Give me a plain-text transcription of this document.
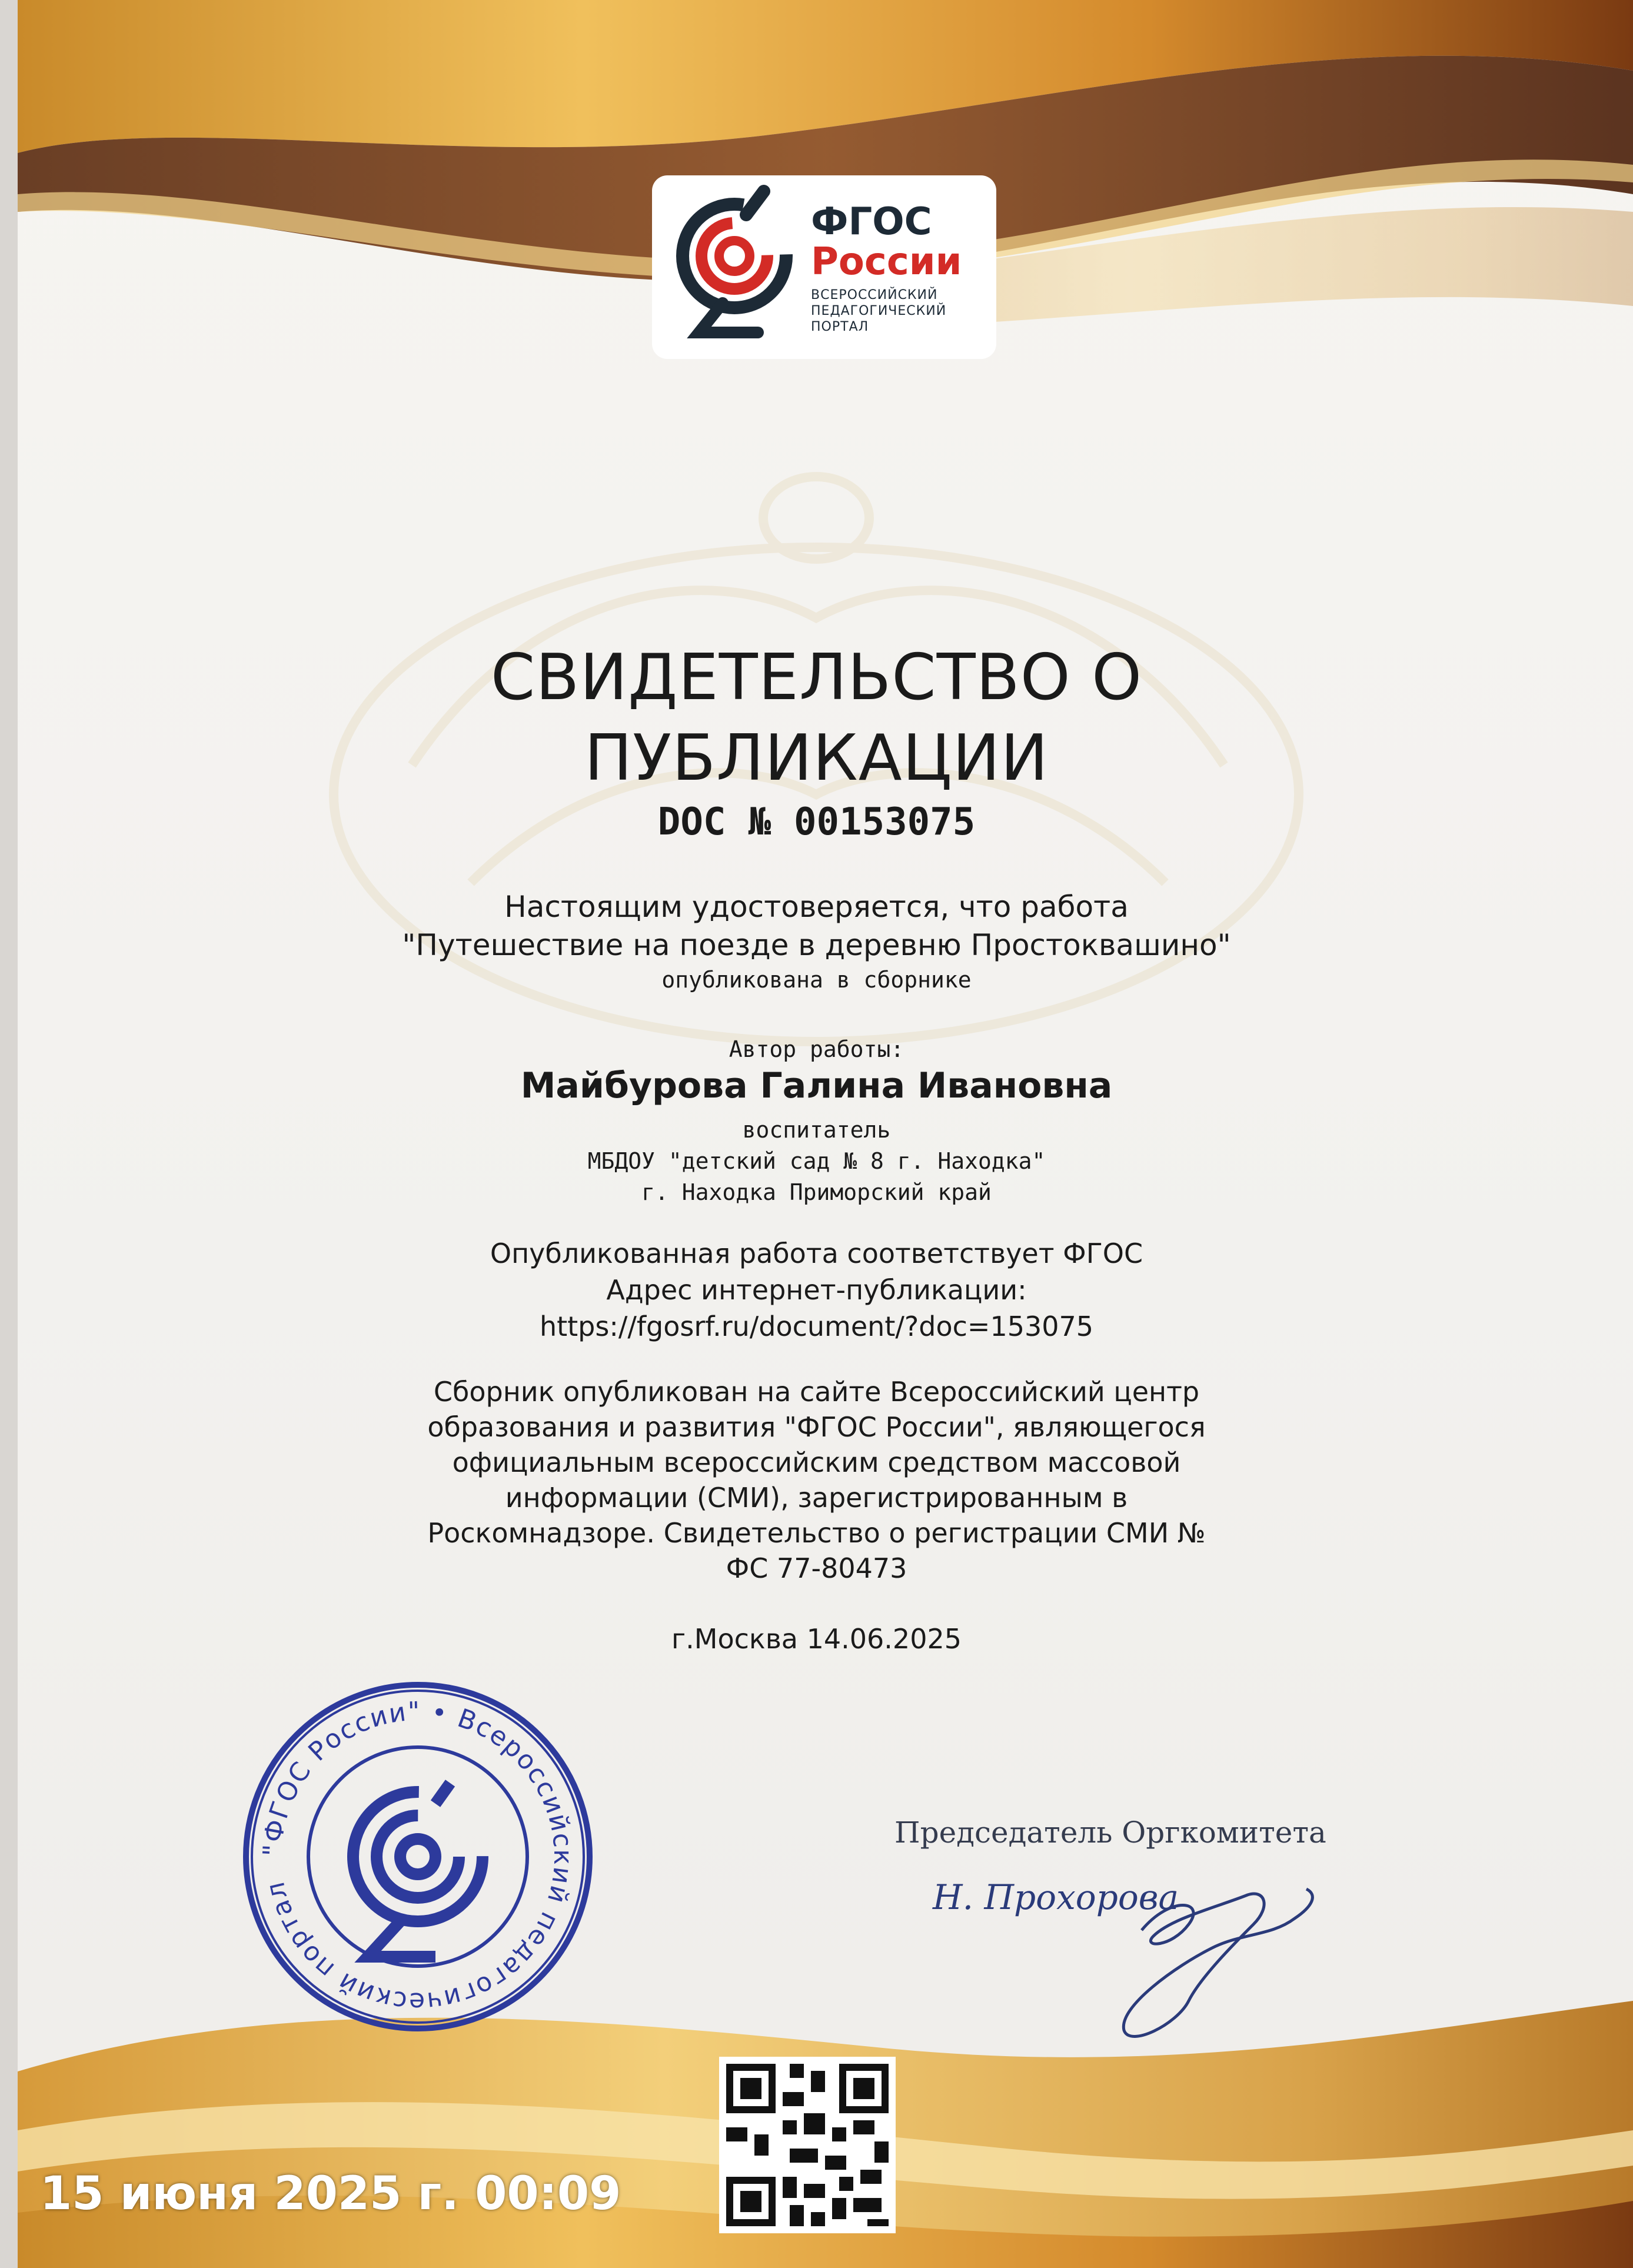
ФГОС
России
ВСЕРОССИЙСКИЙ
ПЕДАГОГИЧЕСКИЙ
ПОРТАЛ
СВИДЕТЕЛЬСТВО О
ПУБЛИКАЦИИ
DOC № 00153075
Настоящим удостоверяется, что работа
"Путешествие на поезде в деревню Простоквашино"
опубликована в сборнике
Автор работы:
Майбурова Галина Ивановна
воспитатель
МБДОУ "детский сад № 8 г. Находка"
г. Находка Приморский край
Опубликованная работа соответствует ФГОС
Адрес интернет-публикации:
https://fgosrf.ru/document/?doc=153075
Сборник опубликован на сайте Всероссийский центр
образования и развития "ФГОС России", являющегося
официальным всероссийским средством массовой
информации (СМИ), зарегистрированным в
Роскомнадзоре. Свидетельство о регистрации СМИ №
ФС 77-80473
г.Москва 14.06.2025
"ФГОС России" • Всероссийский педагогический портал
Председатель Оргкомитета
Н. Прохорова
15 июня 2025 г. 00:09
